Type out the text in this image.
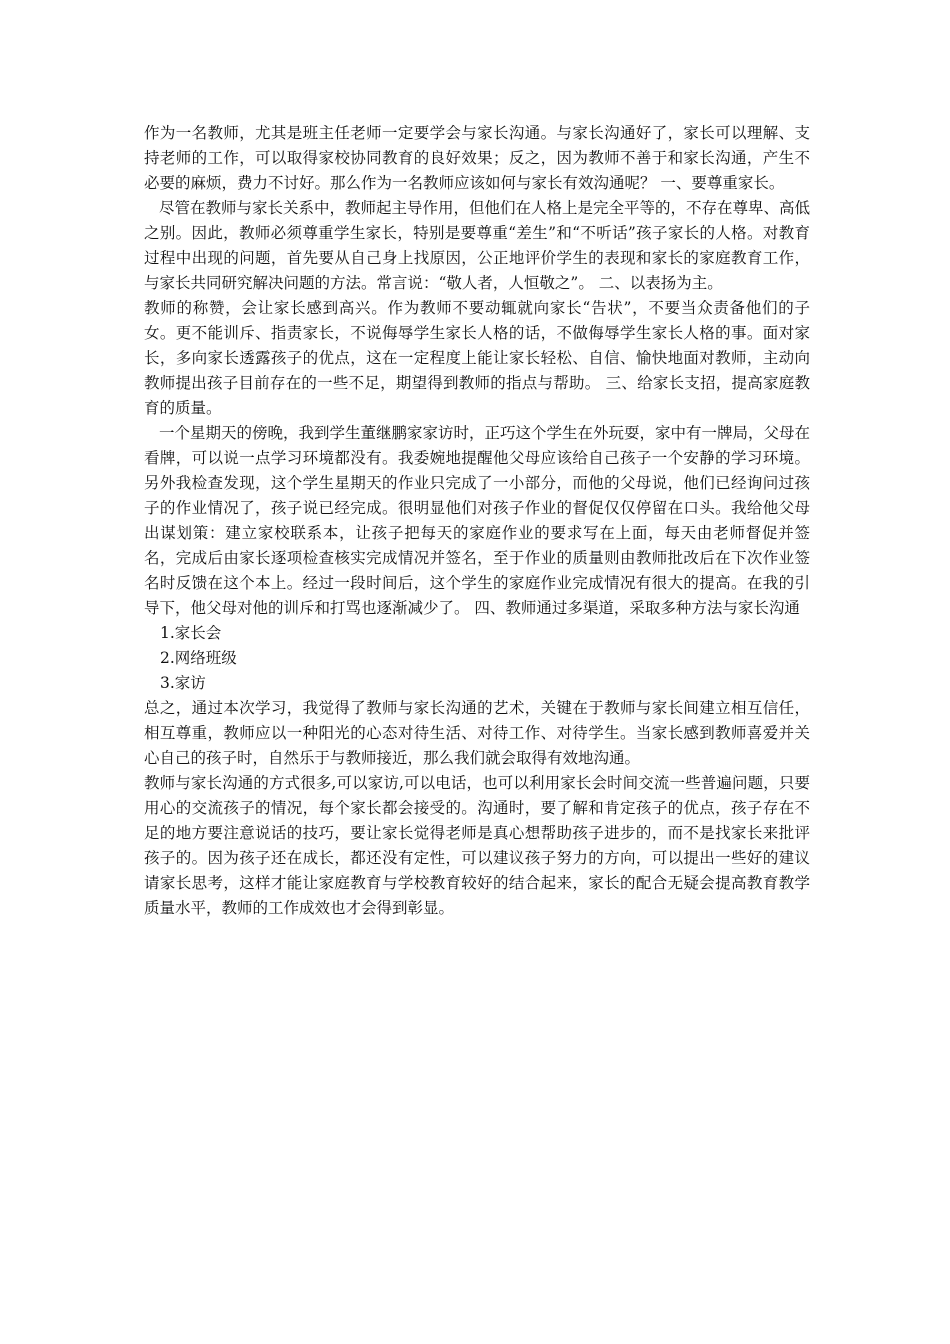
作为一名教师，尤其是班主任老师一定要学会与家长沟通。与家长沟通好了，家长可以理解、支持老师的工作，可以取得家校协同教育的良好效果；反之，因为教师不善于和家长沟通，产生不必要的麻烦，费力不讨好。那么作为一名教师应该如何与家长有效沟通呢？ 一、要尊重家长。

尽管在教师与家长关系中，教师起主导作用，但他们在人格上是完全平等的，不存在尊卑、高低之别。因此，教师必须尊重学生家长，特别是要尊重“差生”和“不听话”孩子家长的人格。对教育过程中出现的问题，首先要从自己身上找原因，公正地评价学生的表现和家长的家庭教育工作，与家长共同研究解决问题的方法。常言说：“敬人者，人恒敬之”。 二、以表扬为主。

教师的称赞，会让家长感到高兴。作为教师不要动辄就向家长“告状”，不要当众责备他们的子女。更不能训斥、指责家长，不说侮辱学生家长人格的话，不做侮辱学生家长人格的事。面对家长，多向家长透露孩子的优点，这在一定程度上能让家长轻松、自信、愉快地面对教师，主动向教师提出孩子目前存在的一些不足，期望得到教师的指点与帮助。 三、给家长支招，提高家庭教育的质量。

一个星期天的傍晚，我到学生董继鹏家家访时，正巧这个学生在外玩耍，家中有一牌局，父母在看牌，可以说一点学习环境都没有。我委婉地提醒他父母应该给自己孩子一个安静的学习环境。另外我检查发现，这个学生星期天的作业只完成了一小部分，而他的父母说，他们已经询问过孩子的作业情况了，孩子说已经完成。很明显他们对孩子作业的督促仅仅停留在口头。我给他父母出谋划策：建立家校联系本，让孩子把每天的家庭作业的要求写在上面，每天由老师督促并签名，完成后由家长逐项检查核实完成情况并签名，至于作业的质量则由教师批改后在下次作业签名时反馈在这个本上。经过一段时间后，这个学生的家庭作业完成情况有很大的提高。在我的引导下，他父母对他的训斥和打骂也逐渐减少了。 四、教师通过多渠道，采取多种方法与家长沟通

1.家长会

2.网络班级

3.家访

总之，通过本次学习，我觉得了教师与家长沟通的艺术，关键在于教师与家长间建立相互信任，相互尊重，教师应以一种阳光的心态对待生活、对待工作、对待学生。当家长感到教师喜爱并关心自己的孩子时，自然乐于与教师接近，那么我们就会取得有效地沟通。

教师与家长沟通的方式很多,可以家访,可以电话，也可以利用家长会时间交流一些普遍问题，只要用心的交流孩子的情况，每个家长都会接受的。沟通时，要了解和肯定孩子的优点，孩子存在不足的地方要注意说话的技巧，要让家长觉得老师是真心想帮助孩子进步的，而不是找家长来批评孩子的。因为孩子还在成长，都还没有定性，可以建议孩子努力的方向，可以提出一些好的建议请家长思考，这样才能让家庭教育与学校教育较好的结合起来，家长的配合无疑会提高教育教学质量水平，教师的工作成效也才会得到彰显。
